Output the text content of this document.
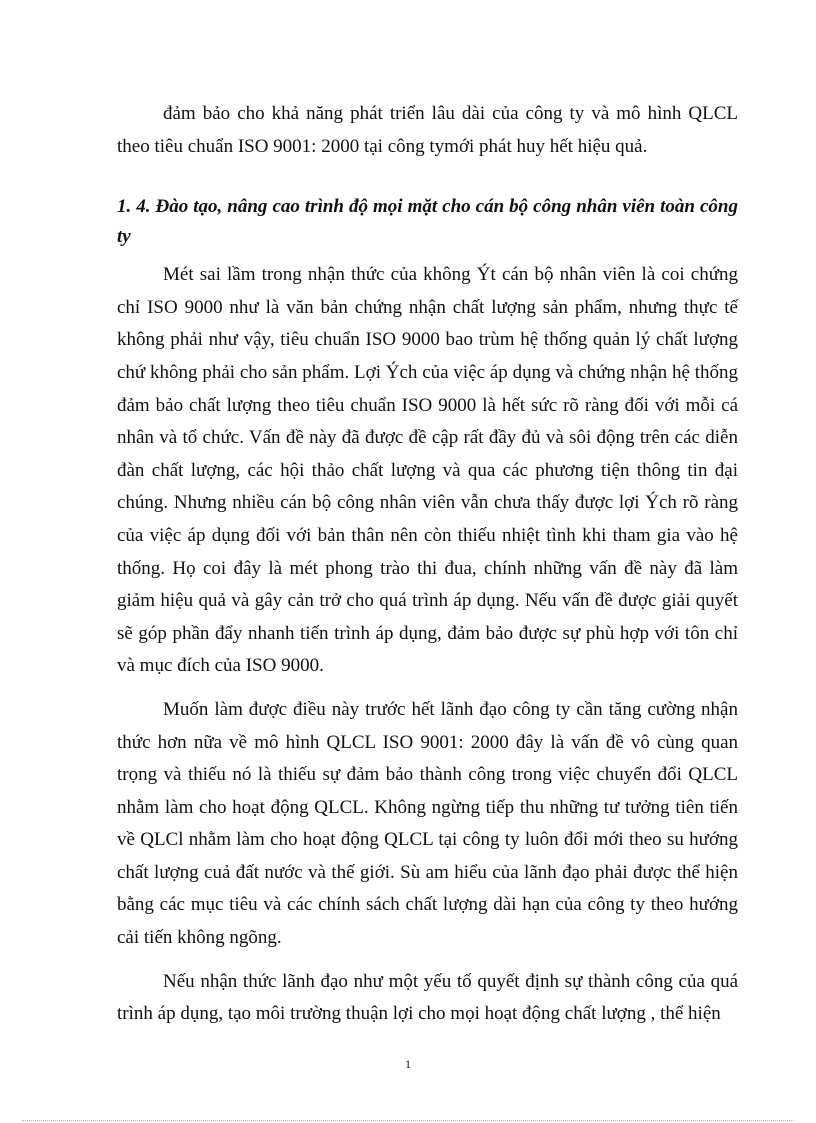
đảm bảo cho khả năng phát triển lâu dài của công ty và mô hình QLCL theo tiêu chuẩn ISO 9001: 2000 tại công tymới phát huy hết hiệu quả.

1. 4. Đào tạo, nâng cao trình độ mọi mặt cho cán bộ công nhân viên toàn công ty

Mét sai lầm trong nhận thức của không Ýt cán bộ nhân viên là coi chứng chỉ ISO 9000 như là văn bản chứng nhận chất lượng sản phẩm, nhưng thực tế không phải như vậy, tiêu chuẩn ISO 9000 bao trùm hệ thống quản lý chất lượng chứ không phải cho sản phẩm. Lợi Ých của việc áp dụng và chứng nhận hệ thống đảm bảo chất lượng theo tiêu chuẩn ISO 9000 là hết sức rõ ràng đối với mỗi cá nhân và tổ chức. Vấn đề này đã được đề cập rất đầy đủ và sôi động trên các diễn đàn chất lượng, các hội thảo chất lượng và qua các phương tiện thông tin đại chúng. Nhưng nhiều cán bộ công nhân viên vẫn chưa thấy được lợi Ých rõ ràng của việc áp dụng đối với bản thân nên còn thiếu nhiệt tình khi tham gia vào hệ thống. Họ coi đây là mét phong trào thi đua, chính những vấn đề này đã làm giảm hiệu quả và gây cản trở cho quá trình áp dụng. Nếu vấn đề được giải quyết sẽ góp phần đẩy nhanh tiến trình áp dụng, đảm bảo được sự phù hợp với tôn chỉ và mục đích của ISO 9000.

Muốn làm được điều này trước hết lãnh đạo công ty cần tăng cường nhận thức hơn nữa về mô hình QLCL ISO 9001: 2000 đây là vấn đề vô cùng quan trọng và thiếu nó là thiếu sự đảm bảo thành công trong việc chuyển đổi QLCL nhằm làm cho hoạt động QLCL. Không ngừng tiếp thu những tư tưởng tiên tiến về QLCl nhằm làm cho hoạt động QLCL tại công ty luôn đổi mới theo su hướng chất lượng cuả đất nước và thế giới. Sù am hiểu của lãnh đạo phải được thể hiện bằng các mục tiêu và các chính sách chất lượng dài hạn của công ty theo hướng cải tiến không ngõng.

Nếu nhận thức lãnh đạo như một yếu tố quyết định sự thành công của quá trình áp dụng, tạo môi trường thuận lợi cho mọi hoạt động chất lượng , thể hiện

1
